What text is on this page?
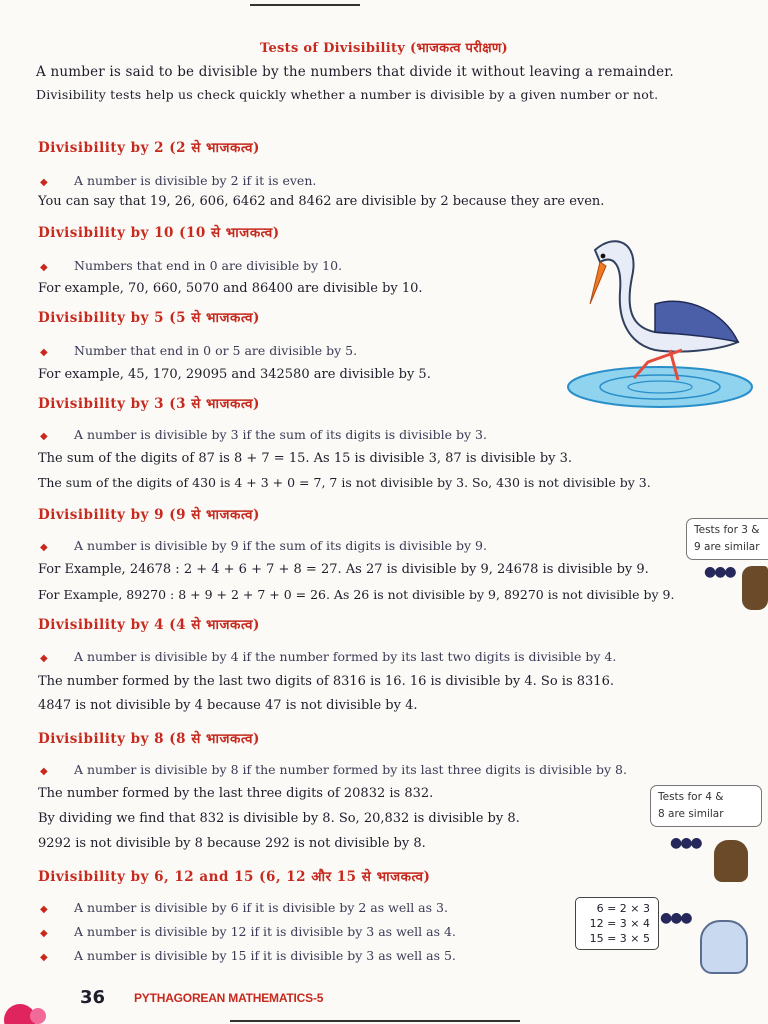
Tests of Divisibility (भाजकत्व परीक्षण)
A number is said to be divisible by the numbers that divide it without leaving a remainder.
Divisibility tests help us check quickly whether a number is divisible by a given number or not.
Divisibility by 2 (2 से भाजकत्व)
◆ A number is divisible by 2 if it is even.
You can say that 19, 26, 606, 6462 and 8462 are divisible by 2 because they are even.
Divisibility by 10 (10 से भाजकत्व)
◆ Numbers that end in 0 are divisible by 10.
For example, 70, 660, 5070 and 86400 are divisible by 10.
Divisibility by 5 (5 से भाजकत्व)
◆ Number that end in 0 or 5 are divisible by 5.
For example, 45, 170, 29095 and 342580 are divisible by 5.
Divisibility by 3 (3 से भाजकत्व)
◆ A number is divisible by 3 if the sum of its digits is divisible by 3.
The sum of the digits of 87 is 8 + 7 = 15. As 15 is divisible 3, 87 is divisible by 3.
The sum of the digits of 430 is 4 + 3 + 0 = 7, 7 is not divisible by 3. So, 430 is not divisible by 3.
Divisibility by 9 (9 से भाजकत्व)
◆ A number is divisible by 9 if the sum of its digits is divisible by 9.
For Example, 24678 : 2 + 4 + 6 + 7 + 8 = 27. As 27 is divisible by 9, 24678 is divisible by 9.
For Example, 89270 : 8 + 9 + 2 + 7 + 0 = 26. As 26 is not divisible by 9, 89270 is not divisible by 9.
Divisibility by 4 (4 से भाजकत्व)
◆ A number is divisible by 4 if the number formed by its last two digits is divisible by 4.
The number formed by the last two digits of 8316 is 16. 16 is divisible by 4. So is 8316.
4847 is not divisible by 4 because 47 is not divisible by 4.
Divisibility by 8 (8 से भाजकत्व)
◆ A number is divisible by 8 if the number formed by its last three digits is divisible by 8.
The number formed by the last three digits of 20832 is 832.
By dividing we find that 832 is divisible by 8. So, 20,832 is divisible by 8.
9292 is not divisible by 8 because 292 is not divisible by 8.
Divisibility by 6, 12 and 15 (6, 12 और 15 से भाजकत्व)
◆ A number is divisible by 6 if it is divisible by 2 as well as 3.
◆ A number is divisible by 12 if it is divisible by 3 as well as 4.
◆ A number is divisible by 15 if it is divisible by 3 as well as 5.
Tests for 3 &
9 are similar
●●●
Tests for 4 &
8 are similar
●●●
6 = 2 × 3
12 = 3 × 4
15 = 3 × 5
●●●
36 PYTHAGOREAN MATHEMATICS-5
